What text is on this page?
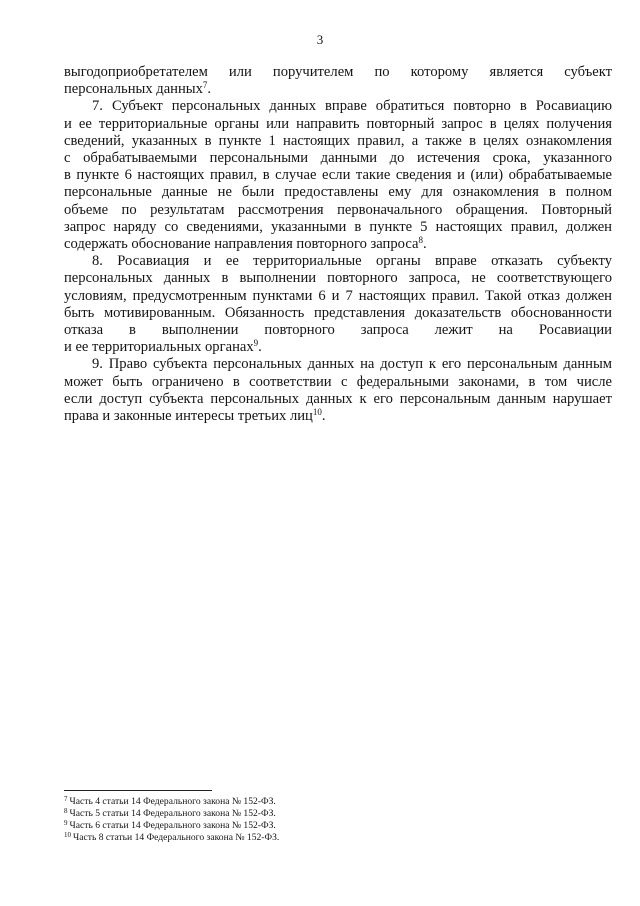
3
выгодоприобретателем или поручителем по которому является субъект
персональных данных$^7$.
7. Субъект персональных данных вправе обратиться повторно в Росавиацию
и ее территориальные органы или направить повторный запрос в целях получения
сведений, указанных в пункте 1 настоящих правил, а также в целях ознакомления
с обрабатываемыми персональными данными до истечения срока, указанного
в пункте 6 настоящих правил, в случае если такие сведения и (или) обрабатываемые
персональные данные не были предоставлены ему для ознакомления в полном
объеме по результатам рассмотрения первоначального обращения. Повторный
запрос наряду со сведениями, указанными в пункте 5 настоящих правил, должен
содержать обоснование направления повторного запроса$^8$.
8. Росавиация и ее территориальные органы вправе отказать субъекту
персональных данных в выполнении повторного запроса, не соответствующего
условиям, предусмотренным пунктами 6 и 7 настоящих правил. Такой отказ должен
быть мотивированным. Обязанность представления доказательств обоснованности
отказа в выполнении повторного запроса лежит на Росавиации
и ее территориальных органах$^9$.
9. Право субъекта персональных данных на доступ к его персональным данным
может быть ограничено в соответствии с федеральными законами, в том числе
если доступ субъекта персональных данных к его персональным данным нарушает
права и законные интересы третьих лиц$^{10}$.
$^7$ Часть 4 статьи 14 Федерального закона № 152-ФЗ.
$^8$ Часть 5 статьи 14 Федерального закона № 152-ФЗ.
$^9$ Часть 6 статьи 14 Федерального закона № 152-ФЗ.
$^{10}$ Часть 8 статьи 14 Федерального закона № 152-ФЗ.
